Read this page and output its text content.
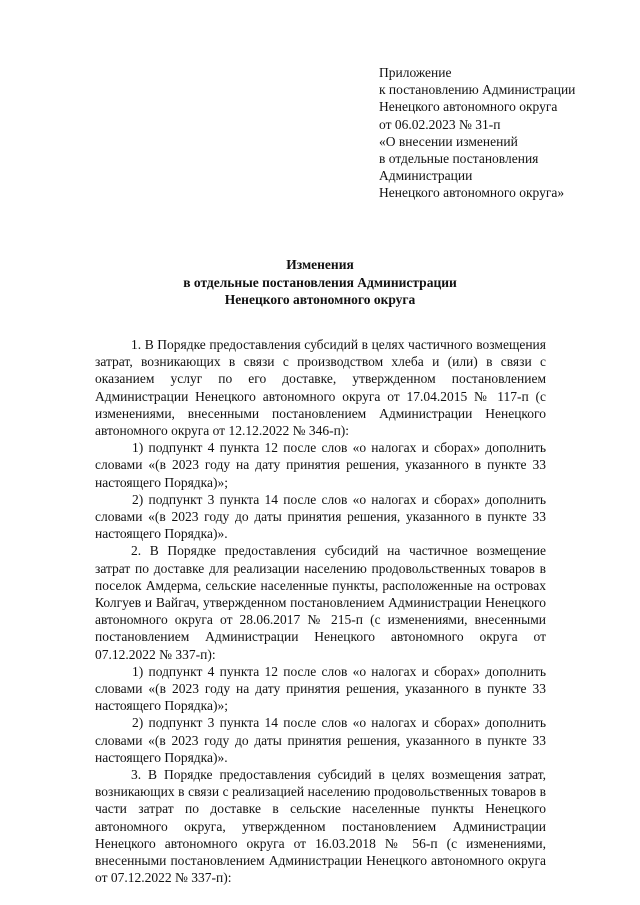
Приложение
к постановлению Администрации
Ненецкого автономного округа
от 06.02.2023 № 31-п
«О внесении изменений
в отдельные постановления
Администрации
Ненецкого автономного округа»
Изменения
в отдельные постановления Администрации
Ненецкого автономного округа

1. В Порядке предоставления субсидий в целях частичного возмещения затрат, возникающих в связи с производством хлеба и (или) в связи с оказанием услуг по его доставке, утвержденном постановлением Администрации Ненецкого автономного округа от 17.04.2015 № 117-п (с изменениями, внесенными постановлением Администрации Ненецкого автономного округа от 12.12.2022 № 346-п):

1) подпункт 4 пункта 12 после слов «о налогах и сборах» дополнить словами «(в 2023 году на дату принятия решения, указанного в пункте 33 настоящего Порядка)»;

2) подпункт 3 пункта 14 после слов «о налогах и сборах» дополнить словами «(в 2023 году до даты принятия решения, указанного в пункте 33 настоящего Порядка)».

2. В Порядке предоставления субсидий на частичное возмещение затрат по доставке для реализации населению продовольственных товаров в поселок Амдерма, сельские населенные пункты, расположенные на островах Колгуев и Вайгач, утвержденном постановлением Администрации Ненецкого автономного округа от 28.06.2017 № 215-п (с изменениями, внесенными постановлением Администрации Ненецкого автономного округа от 07.12.2022 № 337-п):

1) подпункт 4 пункта 12 после слов «о налогах и сборах» дополнить словами «(в 2023 году на дату принятия решения, указанного в пункте 33 настоящего Порядка)»;

2) подпункт 3 пункта 14 после слов «о налогах и сборах» дополнить словами «(в 2023 году до даты принятия решения, указанного в пункте 33 настоящего Порядка)».

3. В Порядке предоставления субсидий в целях возмещения затрат, возникающих в связи с реализацией населению продовольственных товаров в части затрат по доставке в сельские населенные пункты Ненецкого автономного округа, утвержденном постановлением Администрации Ненецкого автономного округа от 16.03.2018 № 56-п (с изменениями, внесенными постановлением Администрации Ненецкого автономного округа от 07.12.2022 № 337-п):
